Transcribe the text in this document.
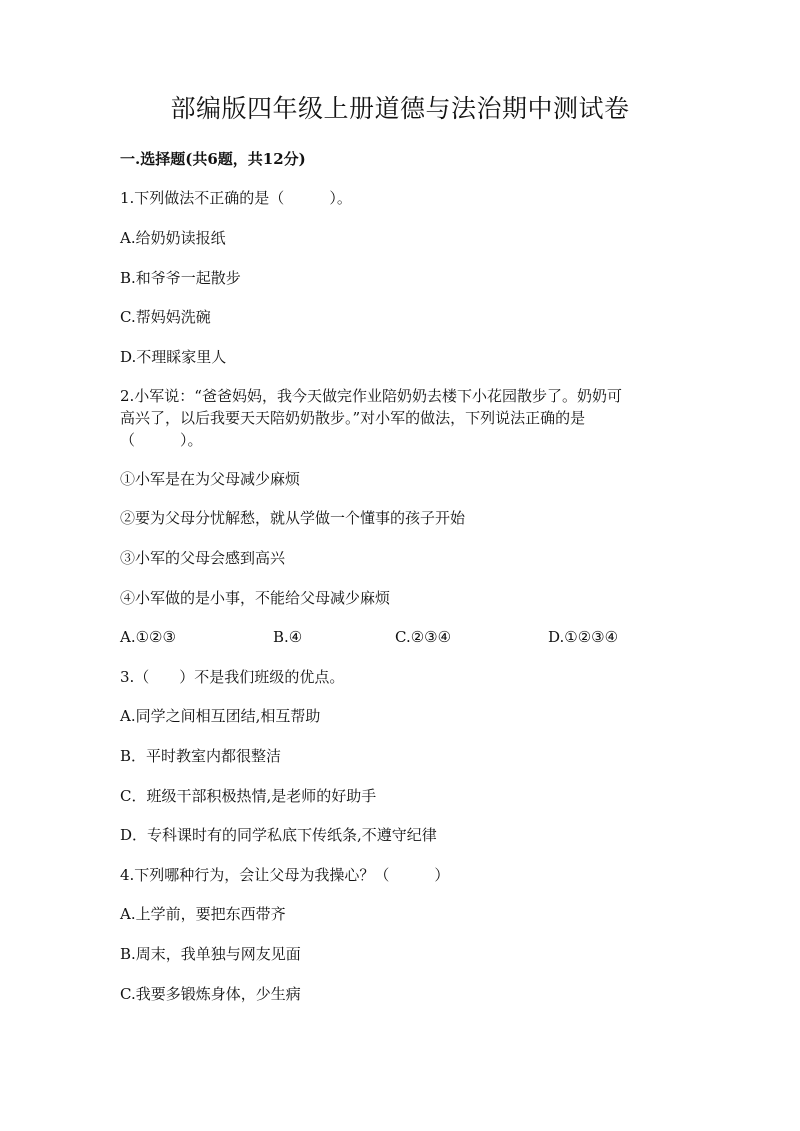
部编版四年级上册道德与法治期中测试卷
一.选择题(共6题，共12分)
1.下列做法不正确的是（　　　）。
A.给奶奶读报纸
B.和爷爷一起散步
C.帮妈妈洗碗
D.不理睬家里人
2.小军说：“爸爸妈妈，我今天做完作业陪奶奶去楼下小花园散步了。奶奶可
高兴了，以后我要天天陪奶奶散步。”对小军的做法，下列说法正确的是
（　　　）。
①小军是在为父母减少麻烦
②要为父母分忧解愁，就从学做一个懂事的孩子开始
③小军的父母会感到高兴
④小军做的是小事，不能给父母减少麻烦
A.①②③	B.④	C.②③④	D.①②③④
3.（　　）不是我们班级的优点。
A.同学之间相互团结,相互帮助
B．平时教室内都很整洁
C．班级干部积极热情,是老师的好助手
D．专科课时有的同学私底下传纸条,不遵守纪律
4.下列哪种行为，会让父母为我操心？（　　　）
A.上学前，要把东西带齐
B.周末，我单独与网友见面
C.我要多锻炼身体，少生病
